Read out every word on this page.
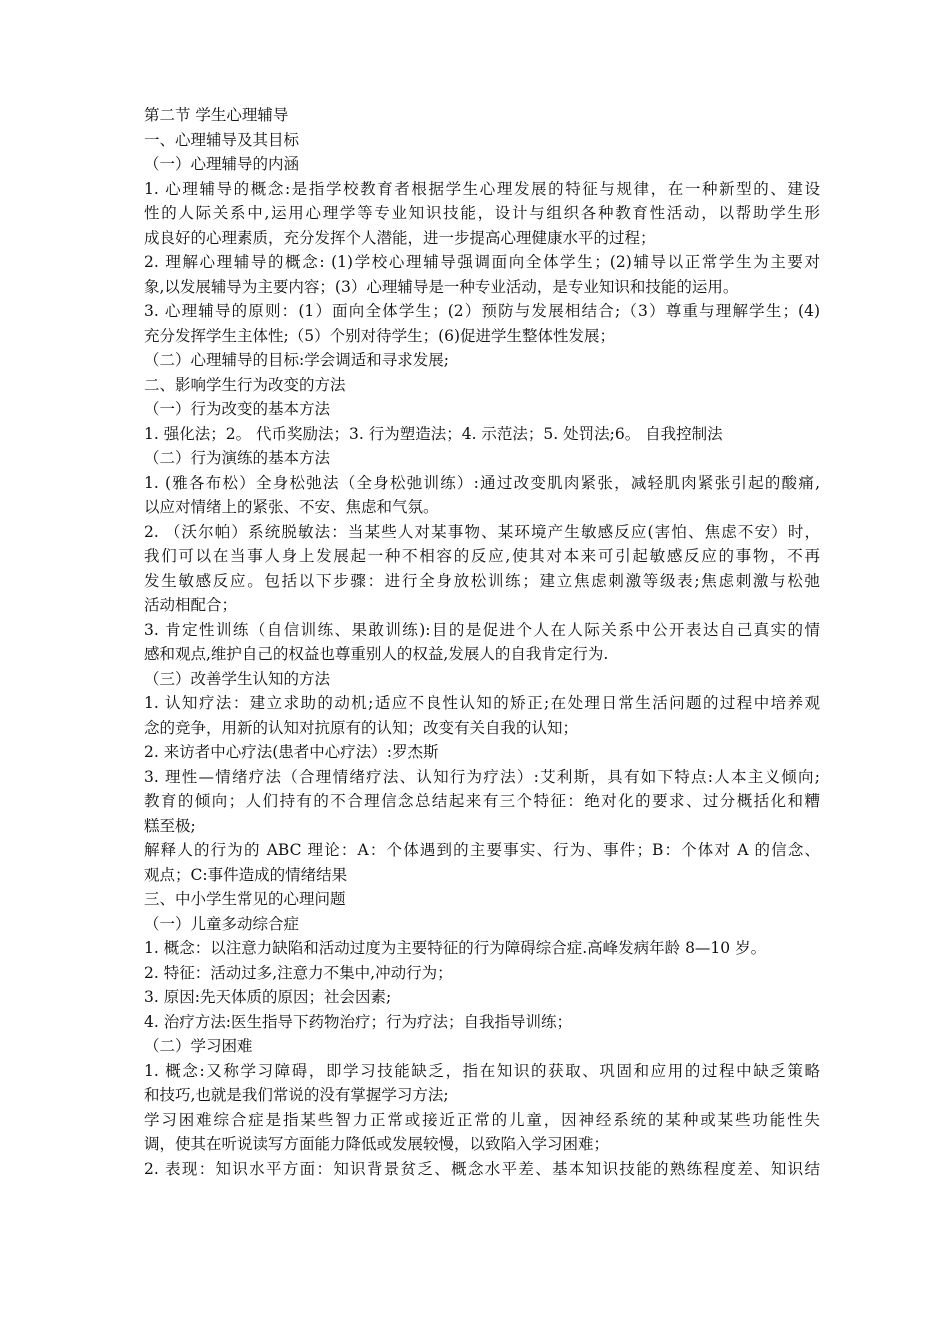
第二节 学生心理辅导
一、心理辅导及其目标
（一）心理辅导的内涵
1. 心理辅导的概念:是指学校教育者根据学生心理发展的特征与规律，在一种新型的、建设
性的人际关系中,运用心理学等专业知识技能，设计与组织各种教育性活动，以帮助学生形
成良好的心理素质，充分发挥个人潜能，进一步提高心理健康水平的过程；
2. 理解心理辅导的概念: (1)学校心理辅导强调面向全体学生；(2)辅导以正常学生为主要对
象,以发展辅导为主要内容；(3）心理辅导是一种专业活动，是专业知识和技能的运用。
3. 心理辅导的原则：(1）面向全体学生；(2）预防与发展相结合;（3）尊重与理解学生；(4)
充分发挥学生主体性;（5）个别对待学生；(6)促进学生整体性发展；
（二）心理辅导的目标:学会调适和寻求发展;
二、影响学生行为改变的方法
（一）行为改变的基本方法
1. 强化法；2。 代币奖励法；3. 行为塑造法；4. 示范法；5. 处罚法;6。 自我控制法
（二）行为演练的基本方法
1. (雅各布松）全身松弛法（全身松弛训练）:通过改变肌肉紧张，减轻肌肉紧张引起的酸痛,
以应对情绪上的紧张、不安、焦虑和气氛。
2. （沃尔帕）系统脱敏法：当某些人对某事物、某环境产生敏感反应(害怕、焦虑不安）时，
我们可以在当事人身上发展起一种不相容的反应,使其对本来可引起敏感反应的事物，不再
发生敏感反应。包括以下步骤：进行全身放松训练；建立焦虑刺激等级表;焦虑刺激与松弛
活动相配合；
3. 肯定性训练（自信训练、果敢训练):目的是促进个人在人际关系中公开表达自己真实的情
感和观点,维护自己的权益也尊重别人的权益,发展人的自我肯定行为.
（三）改善学生认知的方法
1. 认知疗法：建立求助的动机;适应不良性认知的矫正;在处理日常生活问题的过程中培养观
念的竞争，用新的认知对抗原有的认知；改变有关自我的认知；
2. 来访者中心疗法(患者中心疗法）:罗杰斯
3. 理性—情绪疗法（合理情绪疗法、认知行为疗法）:艾利斯，具有如下特点:人本主义倾向;
教育的倾向；人们持有的不合理信念总结起来有三个特征：绝对化的要求、过分概括化和糟
糕至极;
解释人的行为的 ABC 理论：A：个体遇到的主要事实、行为、事件；B：个体对 A 的信念、
观点；C:事件造成的情绪结果
三、中小学生常见的心理问题
（一）儿童多动综合症
1. 概念：以注意力缺陷和活动过度为主要特征的行为障碍综合症.高峰发病年龄 8—10 岁。
2. 特征：活动过多,注意力不集中,冲动行为；
3. 原因:先天体质的原因；社会因素;
4. 治疗方法:医生指导下药物治疗；行为疗法；自我指导训练；
（二）学习困难
1. 概念:又称学习障碍，即学习技能缺乏，指在知识的获取、巩固和应用的过程中缺乏策略
和技巧,也就是我们常说的没有掌握学习方法;
学习困难综合症是指某些智力正常或接近正常的儿童，因神经系统的某种或某些功能性失
调，使其在听说读写方面能力降低或发展较慢，以致陷入学习困难；
2. 表现：知识水平方面：知识背景贫乏、概念水平差、基本知识技能的熟练程度差、知识结
